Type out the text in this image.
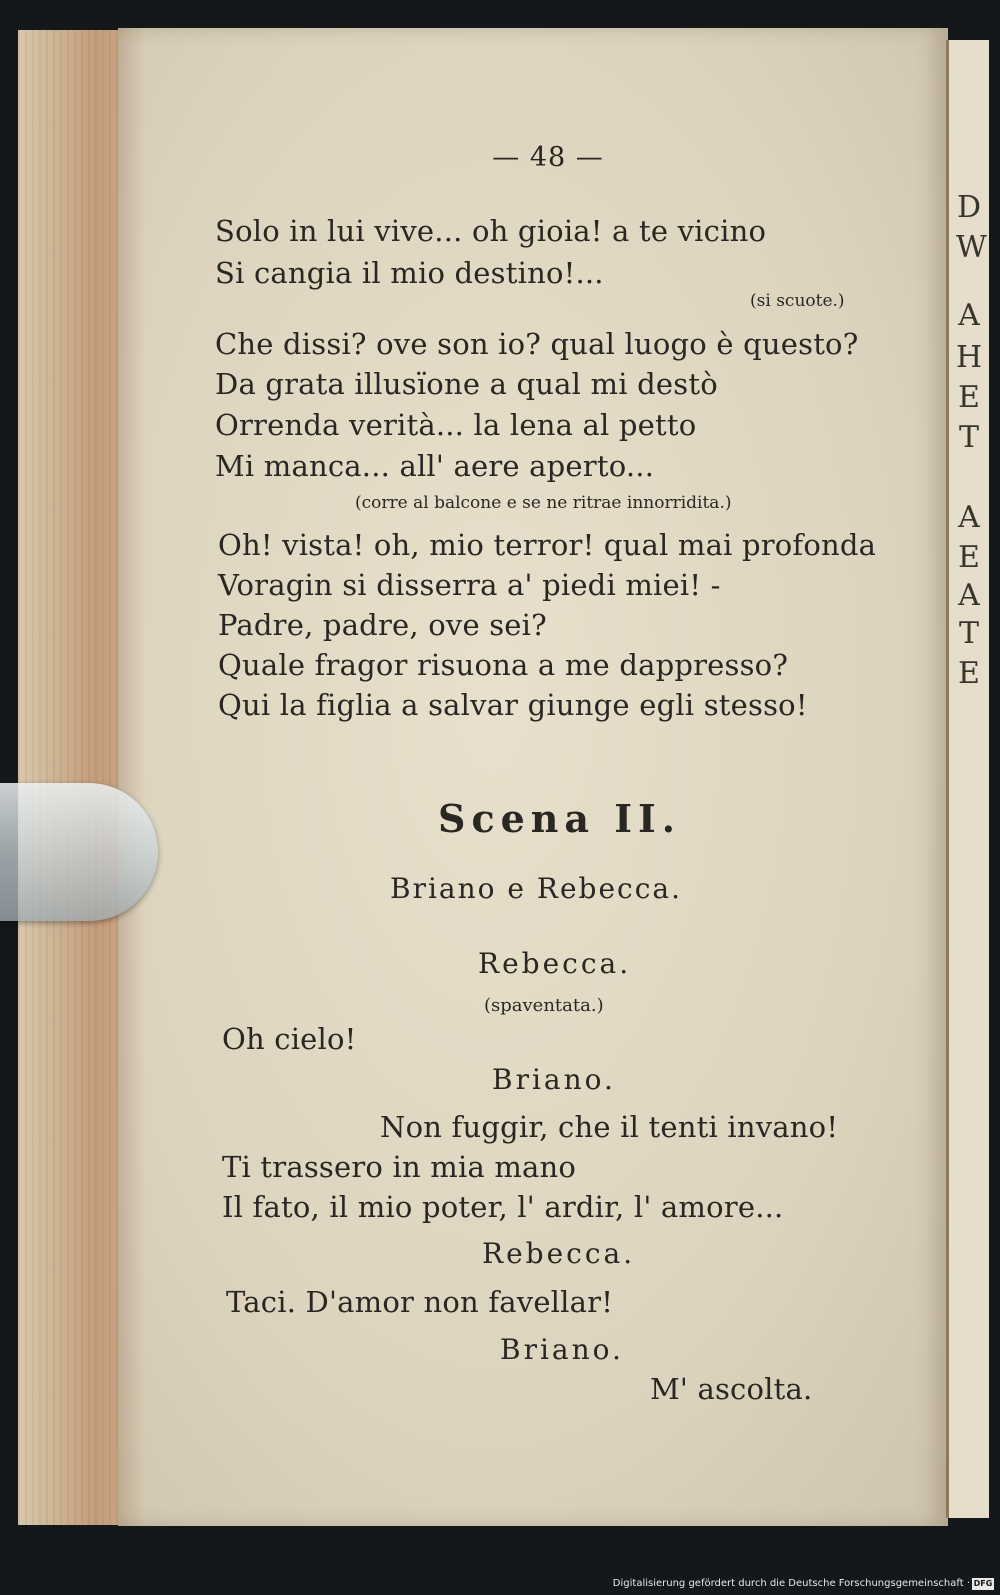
— 48 —
Solo in lui vive... oh gioia! a te vicino
Si cangia il mio destino!...
(si scuote.)
Che dissi? ove son io? qual luogo è questo?
Da grata illusïone a qual mi destò
Orrenda verità... la lena al petto
Mi manca... all' aere aperto...
(corre al balcone e se ne ritrae innorridita.)
Oh! vista! oh, mio terror! qual mai profonda
Voragin si disserra a' piedi miei! -
Padre, padre, ove sei?
Quale fragor risuona a me dappresso?
Qui la figlia a salvar giunge egli stesso!
Scena II.
Briano e Rebecca.
Rebecca.
(spaventata.)
Oh cielo!
Briano.
Non fuggir, che il tenti invano!
Ti trassero in mia mano
Il fato, il mio poter, l' ardir, l' amore...
Rebecca.
Taci. D'amor non favellar!
Briano.
M' ascolta.
D
W
A
H
E
T
A
E
A
T
E
Digitalisierung gefördert durch die Deutsche Forschungsgemeinschaft · DFG
